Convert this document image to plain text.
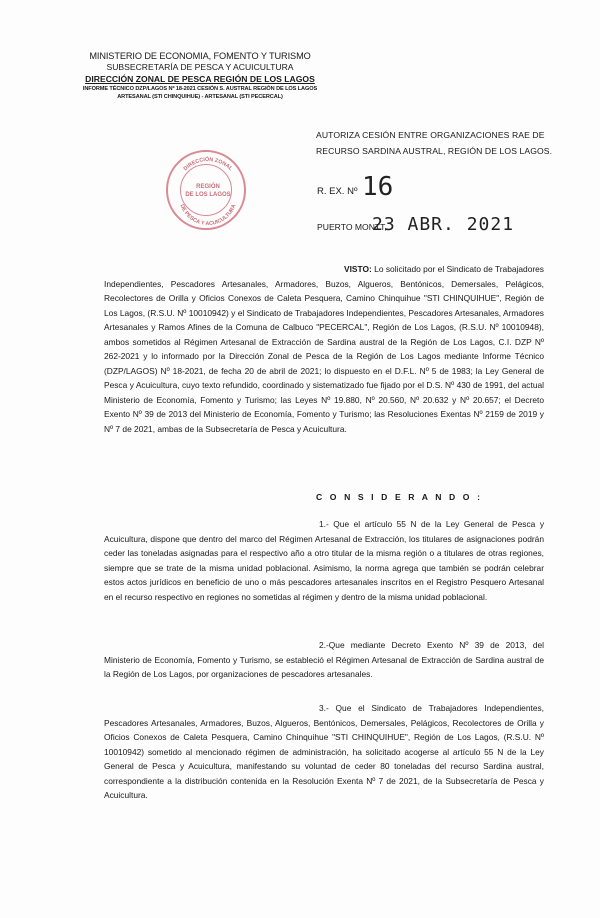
MINISTERIO DE ECONOMIA, FOMENTO Y TURISMO
SUBSECRETARÍA DE PESCA Y ACUICULTURA
DIRECCIÓN ZONAL DE PESCA REGIÓN DE LOS LAGOS
INFORME TÉCNICO DZP/LAGOS Nº 18-2021 CESIÓN S. AUSTRAL REGIÓN DE LOS LAGOS
ARTESANAL (STI CHINQUIHUE) - ARTESANAL (STI PECERCAL)
DIRECCIÓN ZONAL
DE PESCA Y ACUICULTURA
REGIÓN
DE LOS LAGOS
AUTORIZA CESIÓN ENTRE ORGANIZACIONES RAE DE
RECURSO SARDINA AUSTRAL, REGIÓN DE LOS LAGOS.
R. EX. Nº 16
PUERTO MONTT,
23 ABR. 2021
VISTO: Lo solicitado por el Sindicato de Trabajadores Independientes, Pescadores Artesanales, Armadores, Buzos, Algueros, Bentónicos, Demersales, Pelágicos, Recolectores de Orilla y Oficios Conexos de Caleta Pesquera, Camino Chinquihue "STI CHINQUIHUE", Región de Los Lagos, (R.S.U. Nº 10010942) y el Sindicato de Trabajadores Independientes, Pescadores Artesanales, Armadores Artesanales y Ramos Afines de la Comuna de Calbuco "PECERCAL", Región de Los Lagos, (R.S.U. Nº 10010948), ambos sometidos al Régimen Artesanal de Extracción de Sardina austral de la Región de Los Lagos, C.I. DZP Nº 262-2021 y lo informado por la Dirección Zonal de Pesca de la Región de Los Lagos mediante Informe Técnico (DZP/LAGOS) Nº 18-2021, de fecha 20 de abril de 2021; lo dispuesto en el D.F.L. Nº 5 de 1983; la Ley General de Pesca y Acuicultura, cuyo texto refundido, coordinado y sistematizado fue fijado por el D.S. Nº 430 de 1991, del actual Ministerio de Economía, Fomento y Turismo; las Leyes Nº 19.880, Nº 20.560, Nº 20.632 y Nº 20.657; el Decreto Exento Nº 39 de 2013 del Ministerio de Economía, Fomento y Turismo; las Resoluciones Exentas Nº 2159 de 2019 y Nº 7 de 2021, ambas de la Subsecretaría de Pesca y Acuicultura.
C O N S I D E R A N D O :
1.- Que el artículo 55 N de la Ley General de Pesca y Acuicultura, dispone que dentro del marco del Régimen Artesanal de Extracción, los titulares de asignaciones podrán ceder las toneladas asignadas para el respectivo año a otro titular de la misma región o a titulares de otras regiones, siempre que se trate de la misma unidad poblacional. Asimismo, la norma agrega que también se podrán celebrar estos actos jurídicos en beneficio de uno o más pescadores artesanales inscritos en el Registro Pesquero Artesanal en el recurso respectivo en regiones no sometidas al régimen y dentro de la misma unidad poblacional.
2.-Que mediante Decreto Exento Nº 39 de 2013, del Ministerio de Economía, Fomento y Turismo, se estableció el Régimen Artesanal de Extracción de Sardina austral de la Región de Los Lagos, por organizaciones de pescadores artesanales.
3.- Que el Sindicato de Trabajadores Independientes, Pescadores Artesanales, Armadores, Buzos, Algueros, Bentónicos, Demersales, Pelágicos, Recolectores de Orilla y Oficios Conexos de Caleta Pesquera, Camino Chinquihue "STI CHINQUIHUE", Región de Los Lagos, (R.S.U. Nº 10010942) sometido al mencionado régimen de administración, ha solicitado acogerse al artículo 55 N de la Ley General de Pesca y Acuicultura, manifestando su voluntad de ceder 80 toneladas del recurso Sardina austral, correspondiente a la distribución contenida en la Resolución Exenta Nº 7 de 2021, de la Subsecretaría de Pesca y Acuicultura.
